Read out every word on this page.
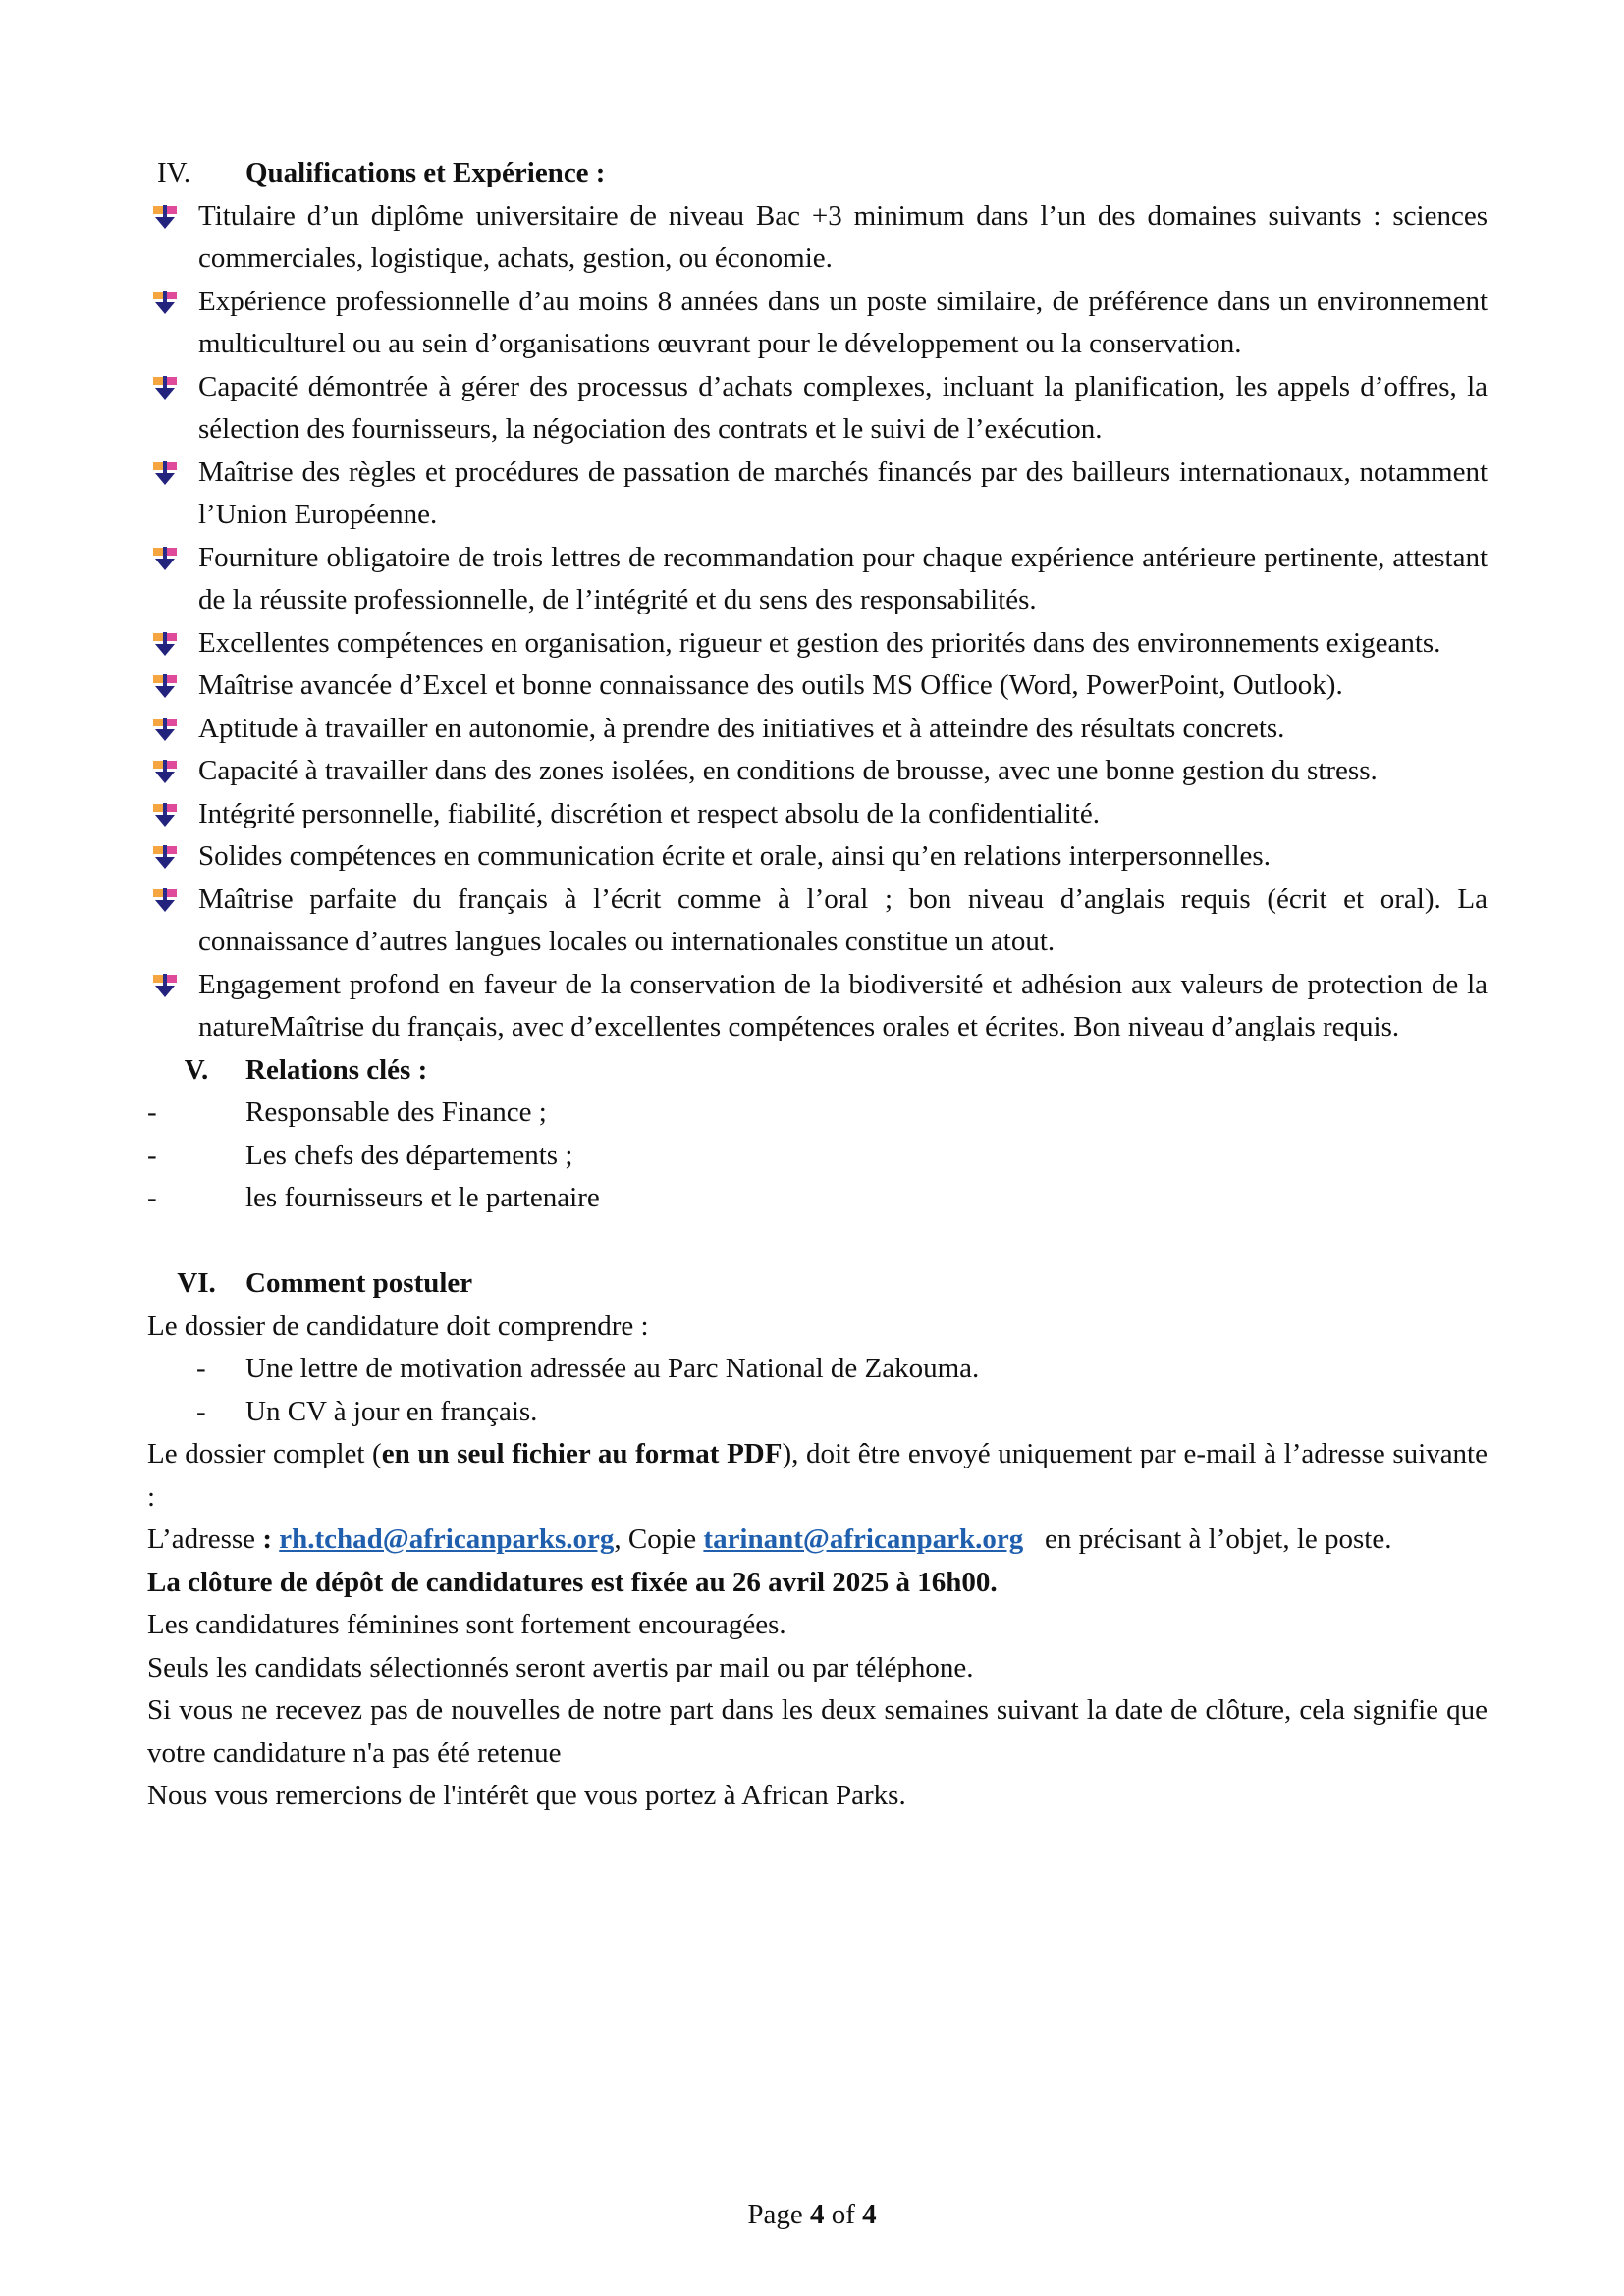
IV.	Qualifications et Expérience :
Titulaire d’un diplôme universitaire de niveau Bac +3 minimum dans l’un des domaines suivants : sciences commerciales, logistique, achats, gestion, ou économie.
Expérience professionnelle d’au moins 8 années dans un poste similaire, de préférence dans un environnement multiculturel ou au sein d’organisations œuvrant pour le développement ou la conservation.
Capacité démontrée à gérer des processus d’achats complexes, incluant la planification, les appels d’offres, la sélection des fournisseurs, la négociation des contrats et le suivi de l’exécution.
Maîtrise des règles et procédures de passation de marchés financés par des bailleurs internationaux, notamment l’Union Européenne.
Fourniture obligatoire de trois lettres de recommandation pour chaque expérience antérieure pertinente, attestant de la réussite professionnelle, de l’intégrité et du sens des responsabilités.
Excellentes compétences en organisation, rigueur et gestion des priorités dans des environnements exigeants.
Maîtrise avancée d’Excel et bonne connaissance des outils MS Office (Word, PowerPoint, Outlook).
Aptitude à travailler en autonomie, à prendre des initiatives et à atteindre des résultats concrets.
Capacité à travailler dans des zones isolées, en conditions de brousse, avec une bonne gestion du stress.
Intégrité personnelle, fiabilité, discrétion et respect absolu de la confidentialité.
Solides compétences en communication écrite et orale, ainsi qu’en relations interpersonnelles.
Maîtrise parfaite du français à l’écrit comme à l’oral ; bon niveau d’anglais requis (écrit et oral). La connaissance d’autres langues locales ou internationales constitue un atout.
Engagement profond en faveur de la conservation de la biodiversité et adhésion aux valeurs de protection de la natureMaîtrise du français, avec d’excellentes compétences orales et écrites. Bon niveau d’anglais requis.
V.	Relations clés :
-	Responsable des Finance ;
-	Les chefs des départements ;
-	les fournisseurs et le partenaire
VI.	Comment postuler

Le dossier de candidature doit comprendre :

-	Une lettre de motivation adressée au Parc National de Zakouma.
-	Un CV à jour en français.

Le dossier complet (en un seul fichier au format PDF), doit être envoyé uniquement par e-mail à l’adresse suivante :

L’adresse : rh.tchad@africanparks.org, Copie tarinant@africanpark.org   en précisant à l’objet, le poste.

La clôture de dépôt de candidatures est fixée au 26 avril 2025 à 16h00.

Les candidatures féminines sont fortement encouragées.

Seuls les candidats sélectionnés seront avertis par mail ou par téléphone.

Si vous ne recevez pas de nouvelles de notre part dans les deux semaines suivant la date de clôture, cela signifie que votre candidature n'a pas été retenue

Nous vous remercions de l'intérêt que vous portez à African Parks.

Page 4 of 4
